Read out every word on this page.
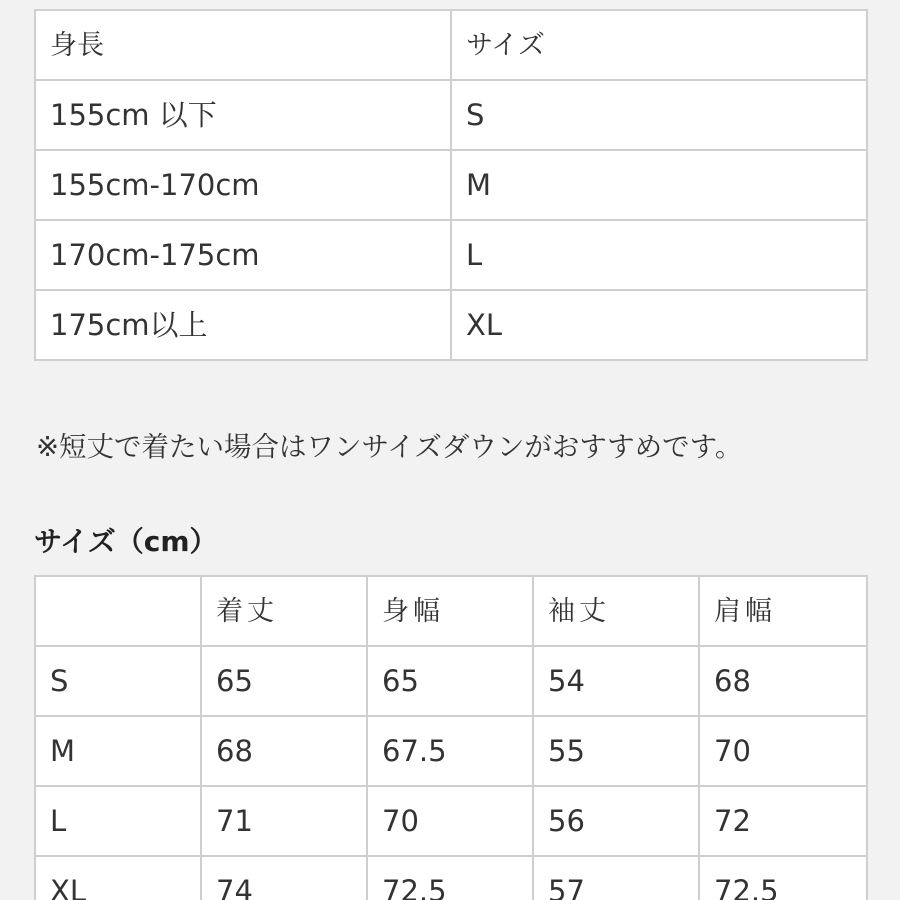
身長	サイズ
155cm 以下	S
155cm-170cm	M
170cm-175cm	L
175cm以上	XL
※短丈で着たい場合はワンサイズダウンがおすすめです。
サイズ（cm）
	着丈	身幅	袖丈	肩幅
S	65	65	54	68
M	68	67.5	55	70
L	71	70	56	72
XL	74	72.5	57	72.5
